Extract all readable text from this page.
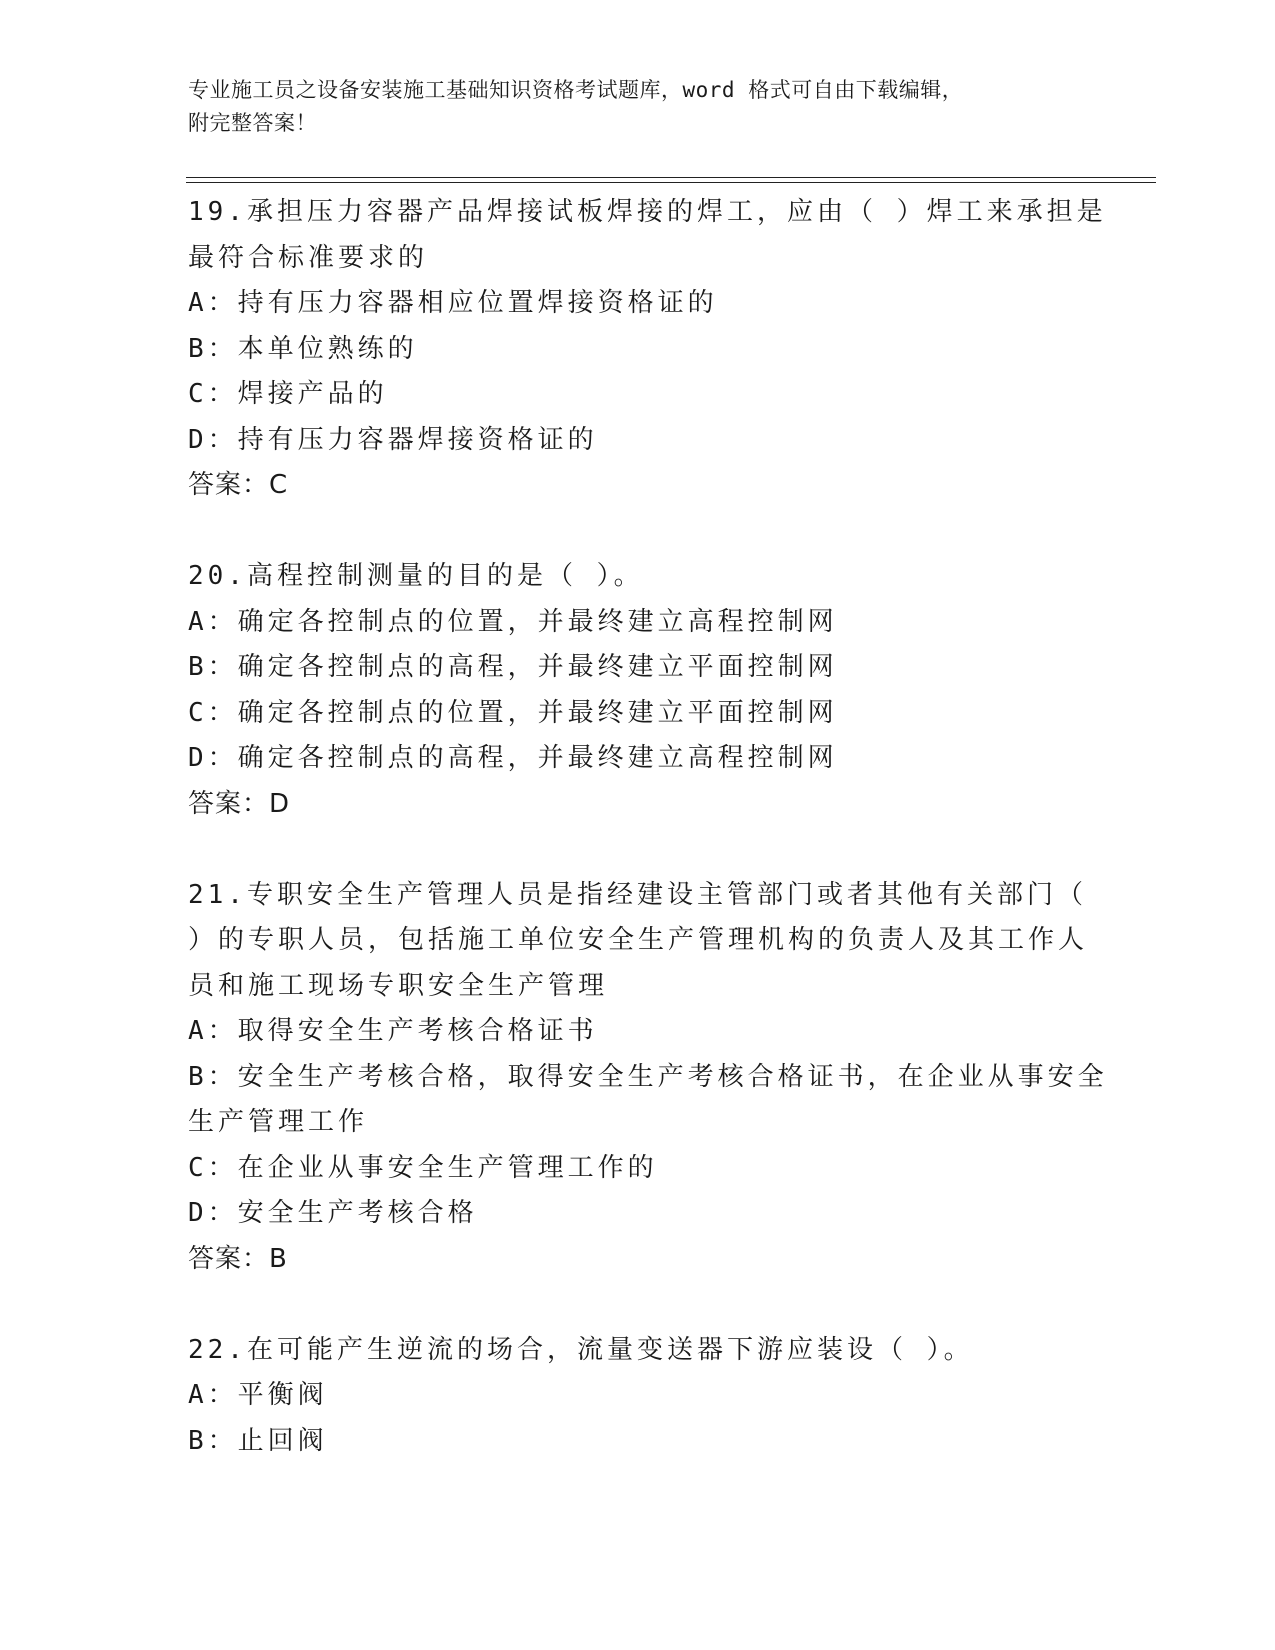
专业施工员之设备安装施工基础知识资格考试题库，word 格式可自由下载编辑，
附完整答案！
19.承担压力容器产品焊接试板焊接的焊工，应由（ ）焊工来承担是
最符合标准要求的
A：持有压力容器相应位置焊接资格证的
B：本单位熟练的
C：焊接产品的
D：持有压力容器焊接资格证的
答案：C
20.高程控制测量的目的是（ ）。
A：确定各控制点的位置，并最终建立高程控制网
B：确定各控制点的高程，并最终建立平面控制网
C：确定各控制点的位置，并最终建立平面控制网
D：确定各控制点的高程，并最终建立高程控制网
答案：D
21.专职安全生产管理人员是指经建设主管部门或者其他有关部门（
）的专职人员，包括施工单位安全生产管理机构的负责人及其工作人
员和施工现场专职安全生产管理
A：取得安全生产考核合格证书
B：安全生产考核合格，取得安全生产考核合格证书，在企业从事安全
生产管理工作
C：在企业从事安全生产管理工作的
D：安全生产考核合格
答案：B
22.在可能产生逆流的场合，流量变送器下游应装设（ ）。
A：平衡阀
B：止回阀
